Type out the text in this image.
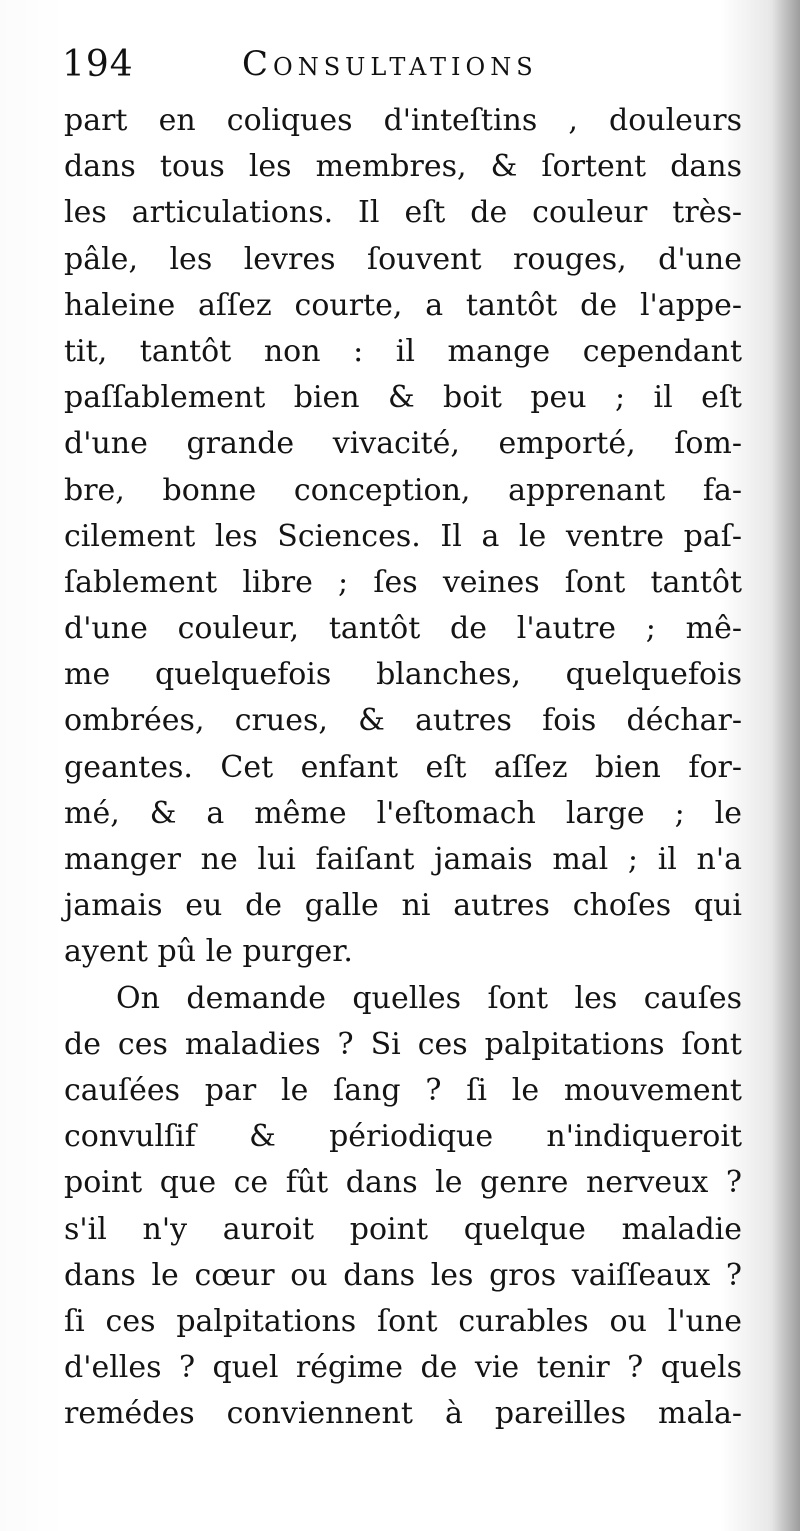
194	Consultations
part en coliques d'inteſtins , douleurs
dans tous les membres, & ſortent dans
les articulations. Il eſt de couleur très-
pâle, les levres ſouvent rouges, d'une
haleine aſſez courte, a tantôt de l'appe-
tit, tantôt non : il mange cependant
paſſablement bien & boit peu ; il eſt
d'une grande vivacité, emporté, ſom-
bre, bonne conception, apprenant fa-
cilement les Sciences. Il a le ventre paſ-
ſablement libre ; ſes veines ſont tantôt
d'une couleur, tantôt de l'autre ; mê-
me quelquefois blanches, quelquefois
ombrées, crues, & autres fois déchar-
geantes. Cet enfant eſt aſſez bien for-
mé, & a même l'eſtomach large ; le
manger ne lui faiſant jamais mal ; il n'a
jamais eu de galle ni autres choſes qui
ayent pû le purger.
On demande quelles ſont les cauſes
de ces maladies ? Si ces palpitations ſont
cauſées par le ſang ? ſi le mouvement
convulſif & périodique n'indiqueroit
point que ce fût dans le genre nerveux ?
s'il n'y auroit point quelque maladie
dans le cœur ou dans les gros vaiſſeaux ?
ſi ces palpitations ſont curables ou l'une
d'elles ? quel régime de vie tenir ? quels
remédes conviennent à pareilles mala-
